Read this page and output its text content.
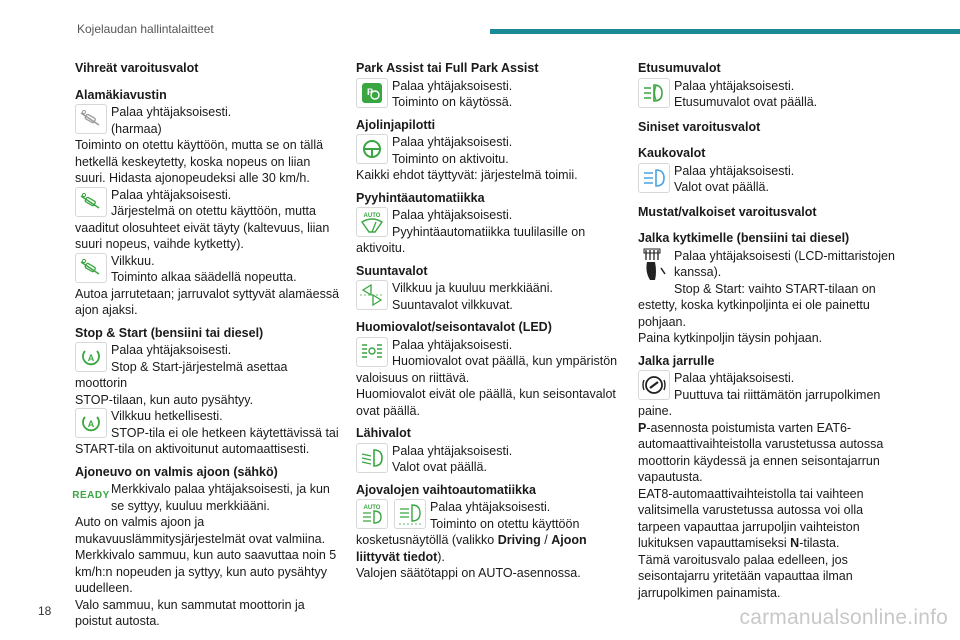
Kojelaudan hallintalaitteet
Vihreät varoitusvalot
Alamäkiavustin
Palaa yhtäjaksoisesti.
(harmaa)
Toiminto on otettu käyttöön, mutta se on tällä hetkellä keskeytetty, koska nopeus on liian suuri. Hidasta ajonopeudeksi alle 30 km/h.
Palaa yhtäjaksoisesti.
Järjestelmä on otettu käyttöön, mutta
vaaditut olosuhteet eivät täyty (kaltevuus, liian suuri nopeus, vaihde kytketty).
Vilkkuu.
Toiminto alkaa säädellä nopeutta.
Autoa jarrutetaan; jarruvalot syttyvät alamäessä ajon ajaksi.
Stop & Start (bensiini tai diesel)
A
Palaa yhtäjaksoisesti.
Stop & Start-järjestelmä asettaa moottorin
STOP-tilaan, kun auto pysähtyy.
A
Vilkkuu hetkellisesti.
STOP-tila ei ole hetkeen käytettävissä tai
START-tila on aktivoitunut automaattisesti.
Ajoneuvo on valmis ajoon (sähkö)
READY Merkkivalo palaa yhtäjaksoisesti, ja kun
se syttyy, kuuluu merkkiääni.
Auto on valmis ajoon ja mukavuuslämmitysjärjestelmät ovat valmiina.
Merkkivalo sammuu, kun auto saavuttaa noin 5 km/h:n nopeuden ja syttyy, kun auto pysähtyy uudelleen.
Valo sammuu, kun sammutat moottorin ja poistut autosta.
Park Assist tai Full Park Assist
P Palaa yhtäjaksoisesti.
Toiminto on käytössä.
Ajolinjapilotti
Palaa yhtäjaksoisesti.
Toiminto on aktivoitu.
Kaikki ehdot täyttyvät: järjestelmä toimii.
Pyyhintäautomatiikka
AUTO Palaa yhtäjaksoisesti.
Pyyhintäautomatiikka tuulilasille on
aktivoitu.
Suuntavalot
Vilkkuu ja kuuluu merkkiääni.
Suuntavalot vilkkuvat.
Huomiovalot/seisontavalot (LED)
Palaa yhtäjaksoisesti.
Huomiovalot ovat päällä, kun ympäristön
valoisuus on riittävä.
Huomiovalot eivät ole päällä, kun seisontavalot ovat päällä.
Lähivalot
Palaa yhtäjaksoisesti.
Valot ovat päällä.
Ajovalojen vaihtoautomatiikka
AUTO	Palaa yhtäjaksoisesti.
Toiminto on otettu käyttöön
kosketusnäytöllä (valikko Driving / Ajoon liittyvät tiedot).
Valojen säätötappi on AUTO-asennossa.
Etusumuvalot
Palaa yhtäjaksoisesti.
Etusumuvalot ovat päällä.
Siniset varoitusvalot
Kaukovalot
Palaa yhtäjaksoisesti.
Valot ovat päällä.
Mustat/valkoiset varoitusvalot
Jalka kytkimelle (bensiini tai diesel)
Palaa yhtäjaksoisesti (LCD-mittaristojen
kanssa).
Stop & Start: vaihto START-tilaan on estetty, koska kytkinpoljinta ei ole painettu pohjaan.
Paina kytkinpoljin täysin pohjaan.
Jalka jarrulle
Palaa yhtäjaksoisesti.
Puuttuva tai riittämätön jarrupolkimen
paine.
P-asennosta poistumista varten EAT6-automaattivaihteistolla varustetussa autossa moottorin käydessä ja ennen seisontajarrun vapautusta.
EAT8-automaattivaihteistolla tai vaihteen valitsimella varustetussa autossa voi olla tarpeen vapauttaa jarrupoljin vaihteiston lukituksen vapauttamiseksi N-tilasta.
Tämä varoitusvalo palaa edelleen, jos seisontajarru yritetään vapauttaa ilman jarrupolkimen painamista.
18	carmanualsonline.info
